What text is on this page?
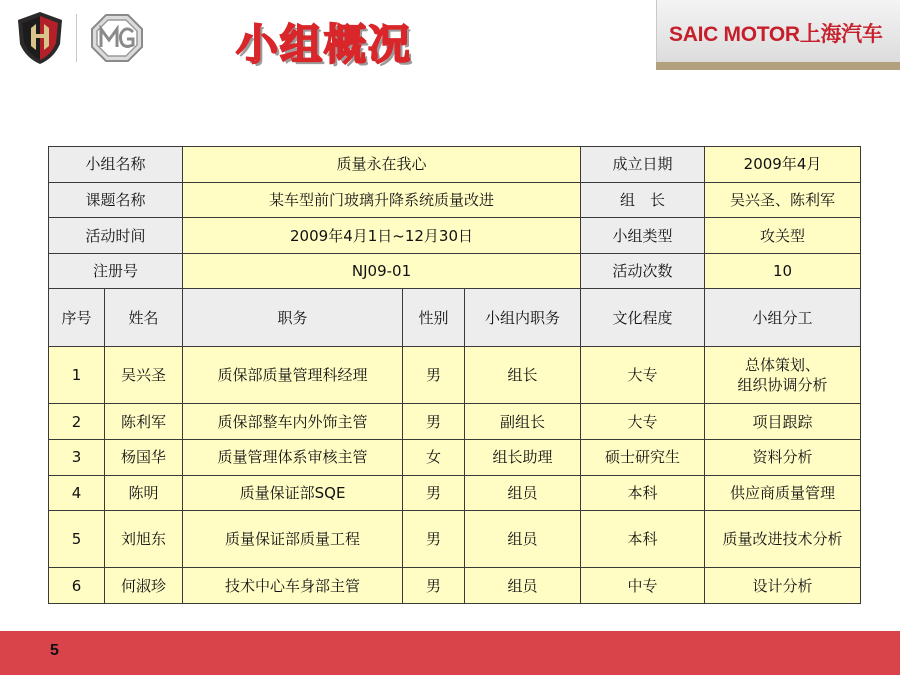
小组概况	SAIC MOTOR上海汽车
小组名称		质量永在我心			成立日期	2009年4月
课题名称		某车型前门玻璃升降系统质量改进			组　长	吴兴圣、陈利军
活动时间		2009年4月1日~12月30日			小组类型	攻关型
注册号		NJ09-01			活动次数	10
序号	姓名	职务	性别	小组内职务	文化程度	小组分工
1	吴兴圣	质保部质量管理科经理	男	组长	大专	总体策划、
组织协调分析
2	陈利军	质保部整车内外饰主管	男	副组长	大专	项目跟踪
3	杨国华	质量管理体系审核主管	女	组长助理	硕士研究生	资料分析
4	陈明	质量保证部SQE	男	组员	本科	供应商质量管理
5	刘旭东	质量保证部质量工程	男	组员	本科	质量改进技术分析
6	何淑珍	技术中心车身部主管	男	组员	中专	设计分析
5
